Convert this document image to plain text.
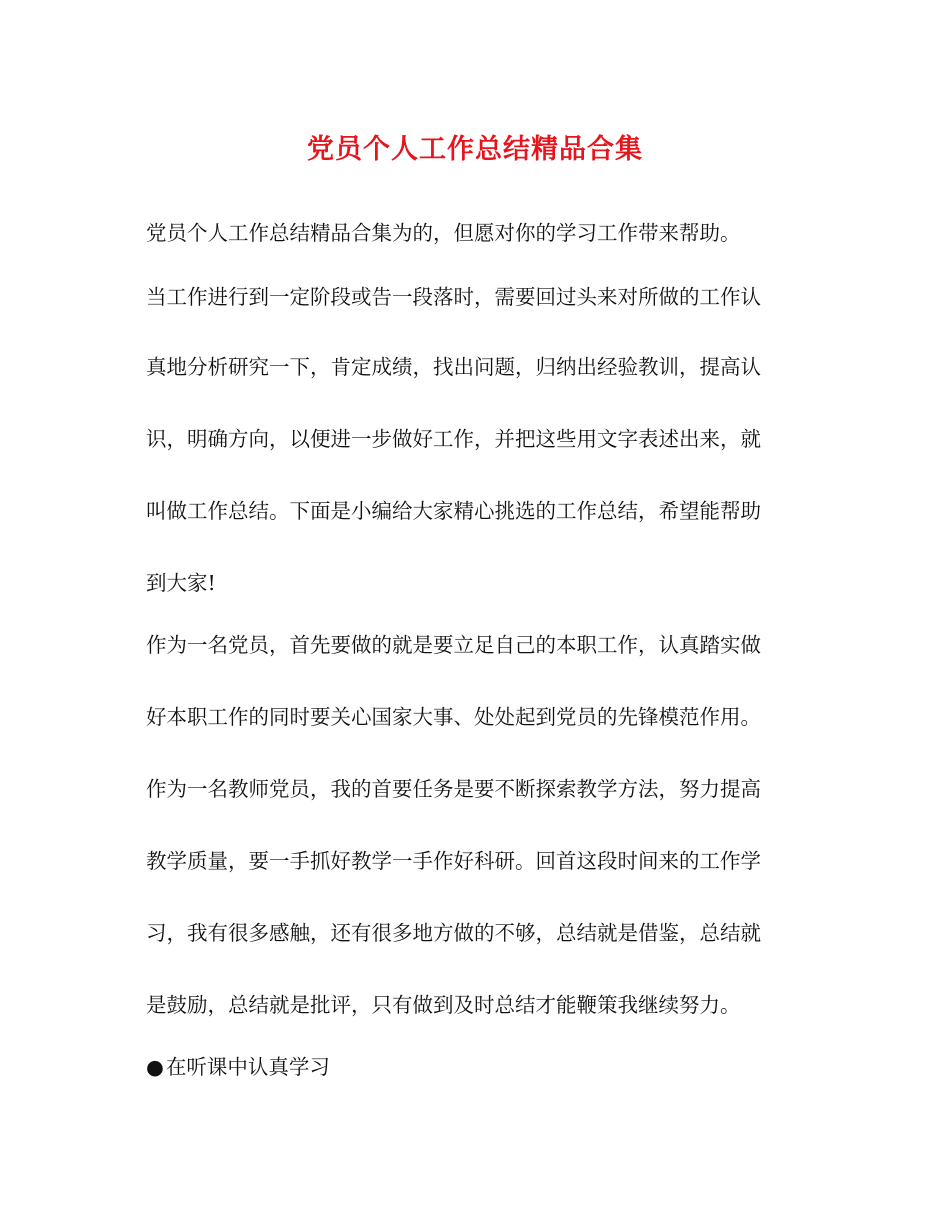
党员个人工作总结精品合集

党员个人工作总结精品合集为的，但愿对你的学习工作带来帮助。

当工作进行到一定阶段或告一段落时，需要回过头来对所做的工作认

真地分析研究一下，肯定成绩，找出问题，归纳出经验教训，提高认

识，明确方向，以便进一步做好工作，并把这些用文字表述出来，就

叫做工作总结。下面是小编给大家精心挑选的工作总结，希望能帮助

到大家!

作为一名党员，首先要做的就是要立足自己的本职工作，认真踏实做

好本职工作的同时要关心国家大事、处处起到党员的先锋模范作用。

作为一名教师党员，我的首要任务是要不断探索教学方法，努力提高

教学质量，要一手抓好教学一手作好科研。回首这段时间来的工作学

习，我有很多感触，还有很多地方做的不够，总结就是借鉴，总结就

是鼓励，总结就是批评，只有做到及时总结才能鞭策我继续努力。

●在听课中认真学习
